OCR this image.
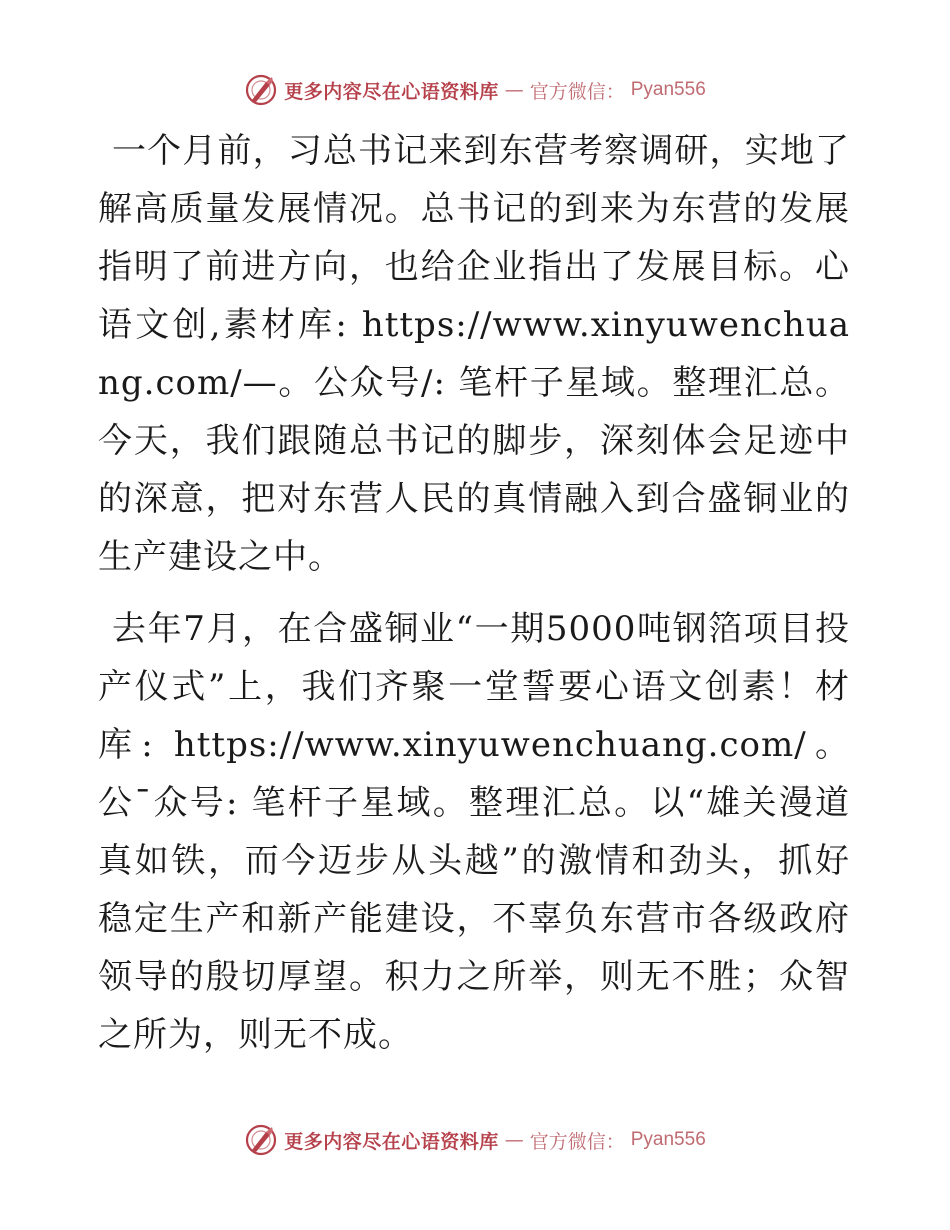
更多内容尽在心语资料库 — 官方微信： Pyan556

一个月前，习总书记来到东营考察调研，实地了解高质量发展情况。总书记的到来为东营的发展指明了前进方向，也给企业指出了发展目标。心语文创,素材库: https://www.xinyuwenchuang.com/—。公众号/: 笔杆子星域。整理汇总。今天，我们跟随总书记的脚步，深刻体会足迹中的深意，把对东营人民的真情融入到合盛铜业的生产建设之中。

去年7月，在合盛铜业“一期5000吨钢箔项目投产仪式”上，我们齐聚一堂誓要心语文创素！材库: https://www.xinyuwenchuang.com/。公¯众号: 笔杆子星域。整理汇总。以“雄关漫道真如铁，而今迈步从头越”的激情和劲头，抓好稳定生产和新产能建设，不辜负东营市各级政府领导的殷切厚望。积力之所举，则无不胜；众智之所为，则无不成。

更多内容尽在心语资料库 — 官方微信： Pyan556
